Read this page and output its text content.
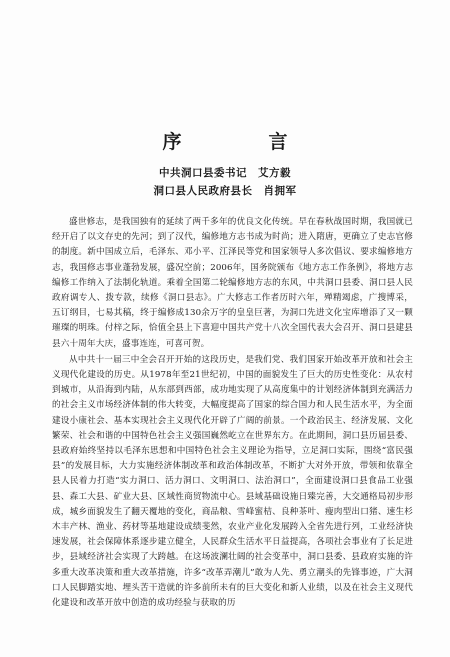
序　言
中共洞口县委书记　艾方毅
洞口县人民政府县长　肖拥军

盛世修志，是我国独有的延续了两千多年的优良文化传统。早在春秋战国时期，我国就已经开启了以文存史的先河；到了汉代，编修地方志书成为时尚；进入隋唐，更确立了史志官修的制度。新中国成立后，毛泽东、邓小平、江泽民等党和国家领导人多次倡议、要求编修地方志，我国修志事业蓬勃发展，盛况空前；2006年，国务院颁布《地方志工作条例》，将地方志编修工作纳入了法制化轨道。乘着全国第二轮编修地方志的东风，中共洞口县委、洞口县人民政府调专人、拨专款，续修《洞口县志》。广大修志工作者历时六年，殚精竭虑，广搜博采，五订纲目，七易其稿，终于编修成130余万字的皇皇巨著，为洞口先进文化宝库增添了又一颗璀璨的明珠。付梓之际，恰值全县上下喜迎中国共产党十八次全国代表大会召开、洞口县建县县六十周年大庆，盛事连连，可喜可贺。

从中共十一届三中全会召开开始的这段历史，是我们党、我们国家开始改革开放和社会主义现代化建设的历史。从1978年至21世纪初，中国的面貌发生了巨大的历史性变化：从农村到城市，从沿海到内陆，从东部到西部，成功地实现了从高度集中的计划经济体制到充满活力的社会主义市场经济体制的伟大转变，大幅度提高了国家的综合国力和人民生活水平，为全面建设小康社会、基本实现社会主义现代化开辟了广阔的前景。一个政治民主、经济发展、文化繁荣、社会和谐的中国特色社会主义强国巍然屹立在世界东方。在此期间，洞口县历届县委、县政府始终坚持以毛泽东思想和中国特色社会主义理论为指导，立足洞口实际，围绕“富民强县”的发展目标，大力实施经济体制改革和政治体制改革，不断扩大对外开放，带领和依靠全县人民着力打造“实力洞口、活力洞口、文明洞口、法治洞口”，全面建设洞口县食品工业强县、森工大县、矿业大县、区域性商贸物流中心。县域基础设施日臻完善，大交通格局初步形成，城乡面貌发生了翻天覆地的变化，商品粮、雪峰蜜桔、良种茶叶、瘦肉型出口猪、速生杉木丰产林、渔业、药材等基地建设成绩斐然，农业产业化发展跨入全省先进行列，工业经济快速发展，社会保障体系逐步建立健全，人民群众生活水平日益提高，各项社会事业有了长足进步，县域经济社会实现了大跨越。在这场波澜壮阔的社会变革中，洞口县委、县政府实施的许多重大改革决策和重大改革措施，许多“改革弄潮儿”敢为人先、勇立潮头的先锋事迹，广大洞口人民脚踏实地、埋头苦干造就的许多前所未有的巨大变化和新人业绩，以及在社会主义现代化建设和改革开放中创造的成功经验与获取的历
